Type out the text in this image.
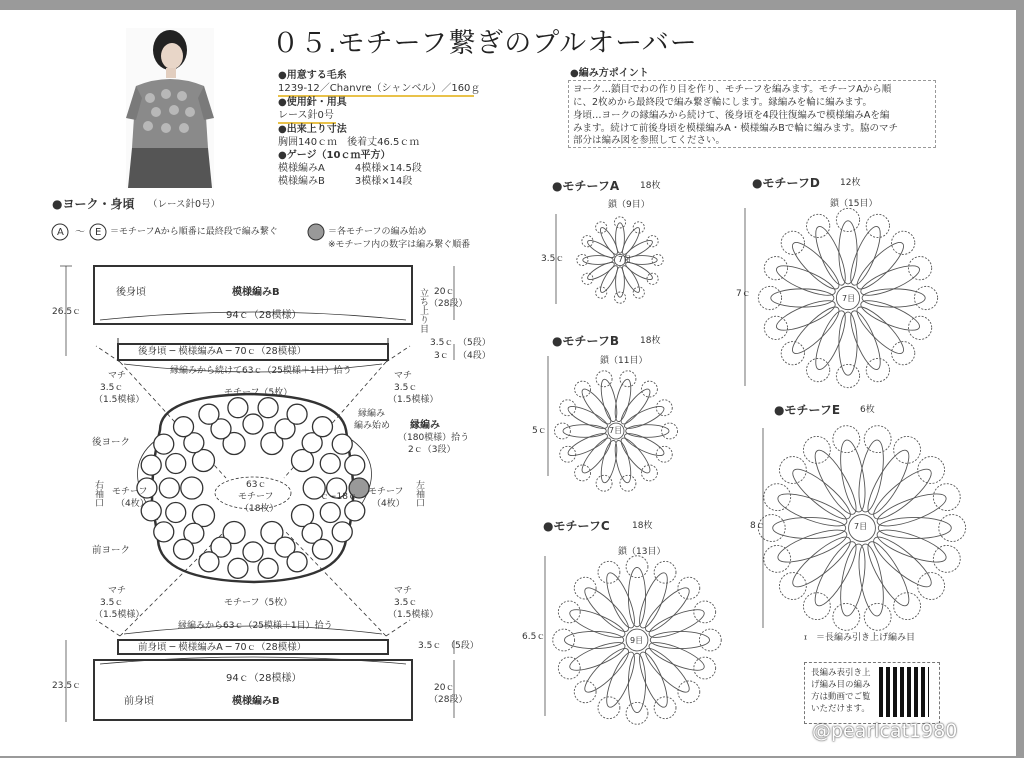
０５.モチーフ繋ぎのプルオーバー
●用意する毛糸
1239-12／Chanvre（シャンベル）／160ｇ
●使用針・用具
レース針0号
●出来上り寸法
胸囲140ｃｍ　後着丈46.5ｃｍ
●ゲージ（10ｃｍ平方）
模様編みA　　　4模様×14.5段
模様編みB　　　3模様×14段
●編み方ポイント
ヨーク…鎖目でわの作り目を作り、モチーフを編みます。モチーフAから順
に、2枚めから最終段で編み繋ぎ輪にします。縁編みを輪に編みます。
身頃…ヨークの縁編みから続けて、後身頃を4段往復編みで模様編みAを編
みます。続けて前後身頃を模様編みA・模様編みBで輪に編みます。脇のマチ
部分は編み図を参照してください。
●ヨーク・身頃 （レース針0号）
A 〜 E ＝モチーフAから順番に最終段で編み繋ぐ	＝各モチーフの編み始め
※モチーフ内の数字は編み繋ぐ順番
後身頃	模様編みB
94ｃ（28模様）
26.5ｃ
20ｃ
（28段）
立ち上り目
後身頃 ─ 模様編みA ─ 70ｃ（28模様）
3.5ｃ （5段）
3ｃ （4段）
縁編みから続けて63ｃ（25模様＋1目）拾う
マチ
3.5ｃ
（1.5模様）
マチ
3.5ｃ
（1.5模様）
モチーフ（5枚）
モチーフ（5枚）
後ヨーク
前ヨーク
右袖口	左袖口
モチーフ
（4枚）
モチーフ
（4枚）
63ｃ
モチーフ
（18枚）
ｃ−18ｃ
縁編み
編み始め 縁編み
（180模様）拾う
2ｃ（3段）
マチ
3.5ｃ
（1.5模様）
マチ
3.5ｃ
（1.5模様）
縁編みから63ｃ（25模様＋1目）拾う
前身頃 ─ 模様編みA ─ 70ｃ（28模様）	3.5ｃ （5段）
23.5ｃ
94ｃ（28模様）
前身頃	模様編みB
20ｃ
（28段）
●モチーフA 18枚
鎖（9目）
3.5ｃ	7目
●モチーフB 18枚
鎖（11目）
5ｃ	7目
●モチーフC 18枚
鎖（13目）
6.5ｃ	9目
●モチーフD 12枚
鎖（15目）
7ｃ	7目
●モチーフE 6枚
8ｃ	7目
ᶦ ＝長編み引き上げ編み目
長編み表引き上
げ編み目の編み
方は動画でご覧
いただけます。
@pearlcat1980
